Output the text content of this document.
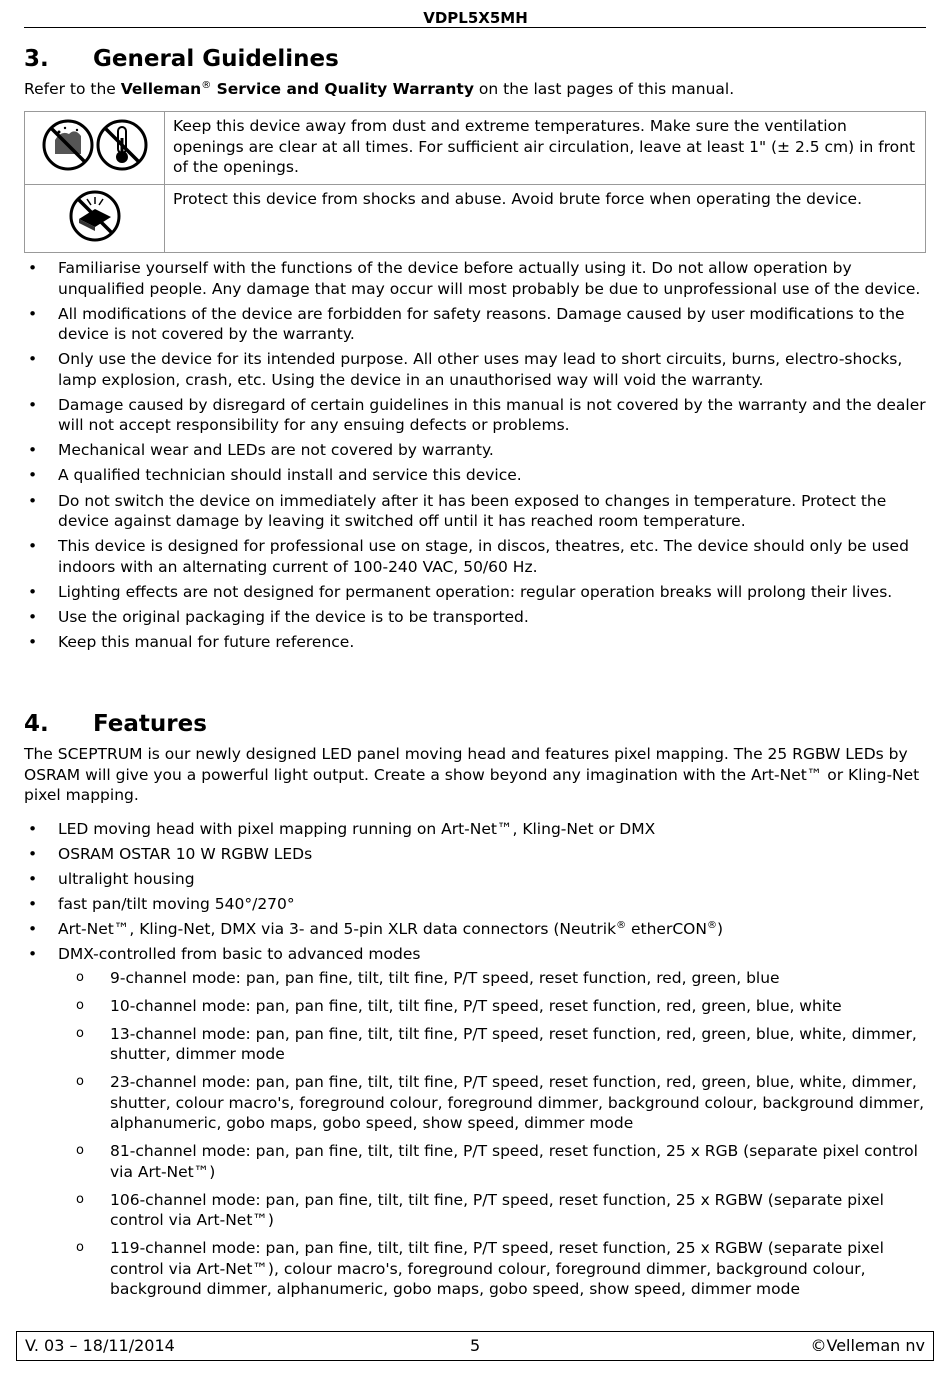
VDPL5X5MH
3. General Guidelines

Refer to the Velleman® Service and Quality Warranty on the last pages of this manual.

	Keep this device away from dust and extreme temperatures. Make sure the ventilation openings are clear at all times. For sufficient air circulation, leave at least 1" (± 2.5 cm) in front of the openings.
	Protect this device from shocks and abuse. Avoid brute force when operating the device.
• Familiarise yourself with the functions of the device before actually using it. Do not allow operation by unqualified people. Any damage that may occur will most probably be due to unprofessional use of the device.
• All modifications of the device are forbidden for safety reasons. Damage caused by user modifications to the device is not covered by the warranty.
• Only use the device for its intended purpose. All other uses may lead to short circuits, burns, electro-shocks, lamp explosion, crash, etc. Using the device in an unauthorised way will void the warranty.
• Damage caused by disregard of certain guidelines in this manual is not covered by the warranty and the dealer will not accept responsibility for any ensuing defects or problems.
• Mechanical wear and LEDs are not covered by warranty.
• A qualified technician should install and service this device.
• Do not switch the device on immediately after it has been exposed to changes in temperature. Protect the device against damage by leaving it switched off until it has reached room temperature.
• This device is designed for professional use on stage, in discos, theatres, etc. The device should only be used indoors with an alternating current of 100-240 VAC, 50/60 Hz.
• Lighting effects are not designed for permanent operation: regular operation breaks will prolong their lives.
• Use the original packaging if the device is to be transported.
• Keep this manual for future reference.
4. Features

The SCEPTRUM is our newly designed LED panel moving head and features pixel mapping. The 25 RGBW LEDs by OSRAM will give you a powerful light output. Create a show beyond any imagination with the Art-Net™ or Kling-Net pixel mapping.

• LED moving head with pixel mapping running on Art-Net™, Kling-Net or DMX
• OSRAM OSTAR 10 W RGBW LEDs
• ultralight housing
• fast pan/tilt moving 540°/270°
• Art-Net™, Kling-Net, DMX via 3- and 5-pin XLR data connectors (Neutrik® etherCON®)
• DMX-controlled from basic to advanced modes
o	9-channel mode: pan, pan fine, tilt, tilt fine, P/T speed, reset function, red, green, blue
o	10-channel mode: pan, pan fine, tilt, tilt fine, P/T speed, reset function, red, green, blue, white
o	13-channel mode: pan, pan fine, tilt, tilt fine, P/T speed, reset function, red, green, blue, white, dimmer, shutter, dimmer mode
o	23-channel mode: pan, pan fine, tilt, tilt fine, P/T speed, reset function, red, green, blue, white, dimmer, shutter, colour macro's, foreground colour, foreground dimmer, background colour, background dimmer, alphanumeric, gobo maps, gobo speed, show speed, dimmer mode
o	81-channel mode: pan, pan fine, tilt, tilt fine, P/T speed, reset function, 25 x RGB (separate pixel control via Art-Net™)
o	106-channel mode: pan, pan fine, tilt, tilt fine, P/T speed, reset function, 25 x RGBW (separate pixel control via Art-Net™)
o	119-channel mode: pan, pan fine, tilt, tilt fine, P/T speed, reset function, 25 x RGBW (separate pixel control via Art-Net™), colour macro's, foreground colour, foreground dimmer, background colour, background dimmer, alphanumeric, gobo maps, gobo speed, show speed, dimmer mode
V. 03 – 18/11/2014	5	©Velleman nv
